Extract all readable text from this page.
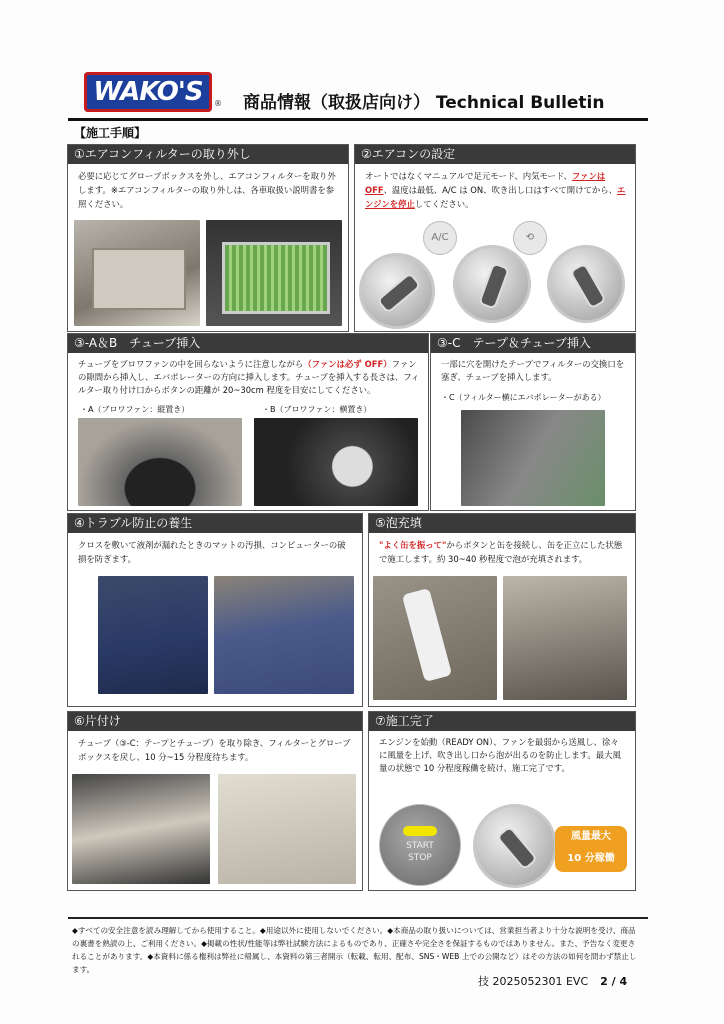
WAKO'S $_®$ 商品情報（取扱店向け） Technical Bulletin
【施工手順】
①エアコンフィルターの取り外し
必要に応じてグローブボックスを外し、エアコンフィルターを取り外します。※エアコンフィルターの取り外しは、各車取扱い説明書を参照ください。
②エアコンの設定
オートではなくマニュアルで足元モード、内気モード、ファンは OFF、温度は最低、A/C は ON、吹き出し口はすべて開けてから、エンジンを停止してください。
A/C	⟲
③-A＆B　チューブ挿入
チューブをブロワファンの中を回らないように注意しながら（ファンは必ず OFF）ファンの隙間から挿入し、エバポレーターの方向に挿入します。チューブを挿入する長さは、フィルター取り付け口からボタンの距離が 20~30cm 程度を目安にしてください。
・A（ブロワファン：縦置き）	・B（ブロワファン：横置き）
③-C　テープ＆チューブ挿入
一部に穴を開けたテープでフィルターの交換口を塞ぎ、チューブを挿入します。
・C（フィルター横にエバポレーターがある）
④トラブル防止の養生
クロスを敷いて液剤が漏れたときのマットの汚損、コンピューターの破損を防ぎます。
⑤泡充填
"よく缶を振って"からボタンと缶を接続し、缶を正立にした状態で施工します。約 30~40 秒程度で泡が充填されます。
⑥片付け
チューブ（③-C：テープとチューブ）を取り除き、フィルターとグローブボックスを戻し、10 分~15 分程度待ちます。
⑦施工完了
エンジンを始動（READY ON）、ファンを最弱から送風し、徐々に風量を上げ、吹き出し口から泡が出るのを防止します。最大風量の状態で 10 分程度稼働を続け、施工完了です。
START STOP
風量最大
10 分稼働
◆すべての安全注意を読み理解してから使用すること。◆用途以外に使用しないでください。◆本商品の取り扱いについては、営業担当者より十分な説明を受け、商品の裏書を熟読の上、ご利用ください。◆掲載の性状/性能等は弊社試験方法によるものであり、正確さや完全さを保証するものではありません。また、予告なく変更されることがあります。◆本資料に係る権利は弊社に帰属し、本資料の第三者開示（転載、転用、配布、SNS・WEB 上での公開など）はその方法の如何を問わず禁止します。
技 2025052301 EVC 2 / 4
